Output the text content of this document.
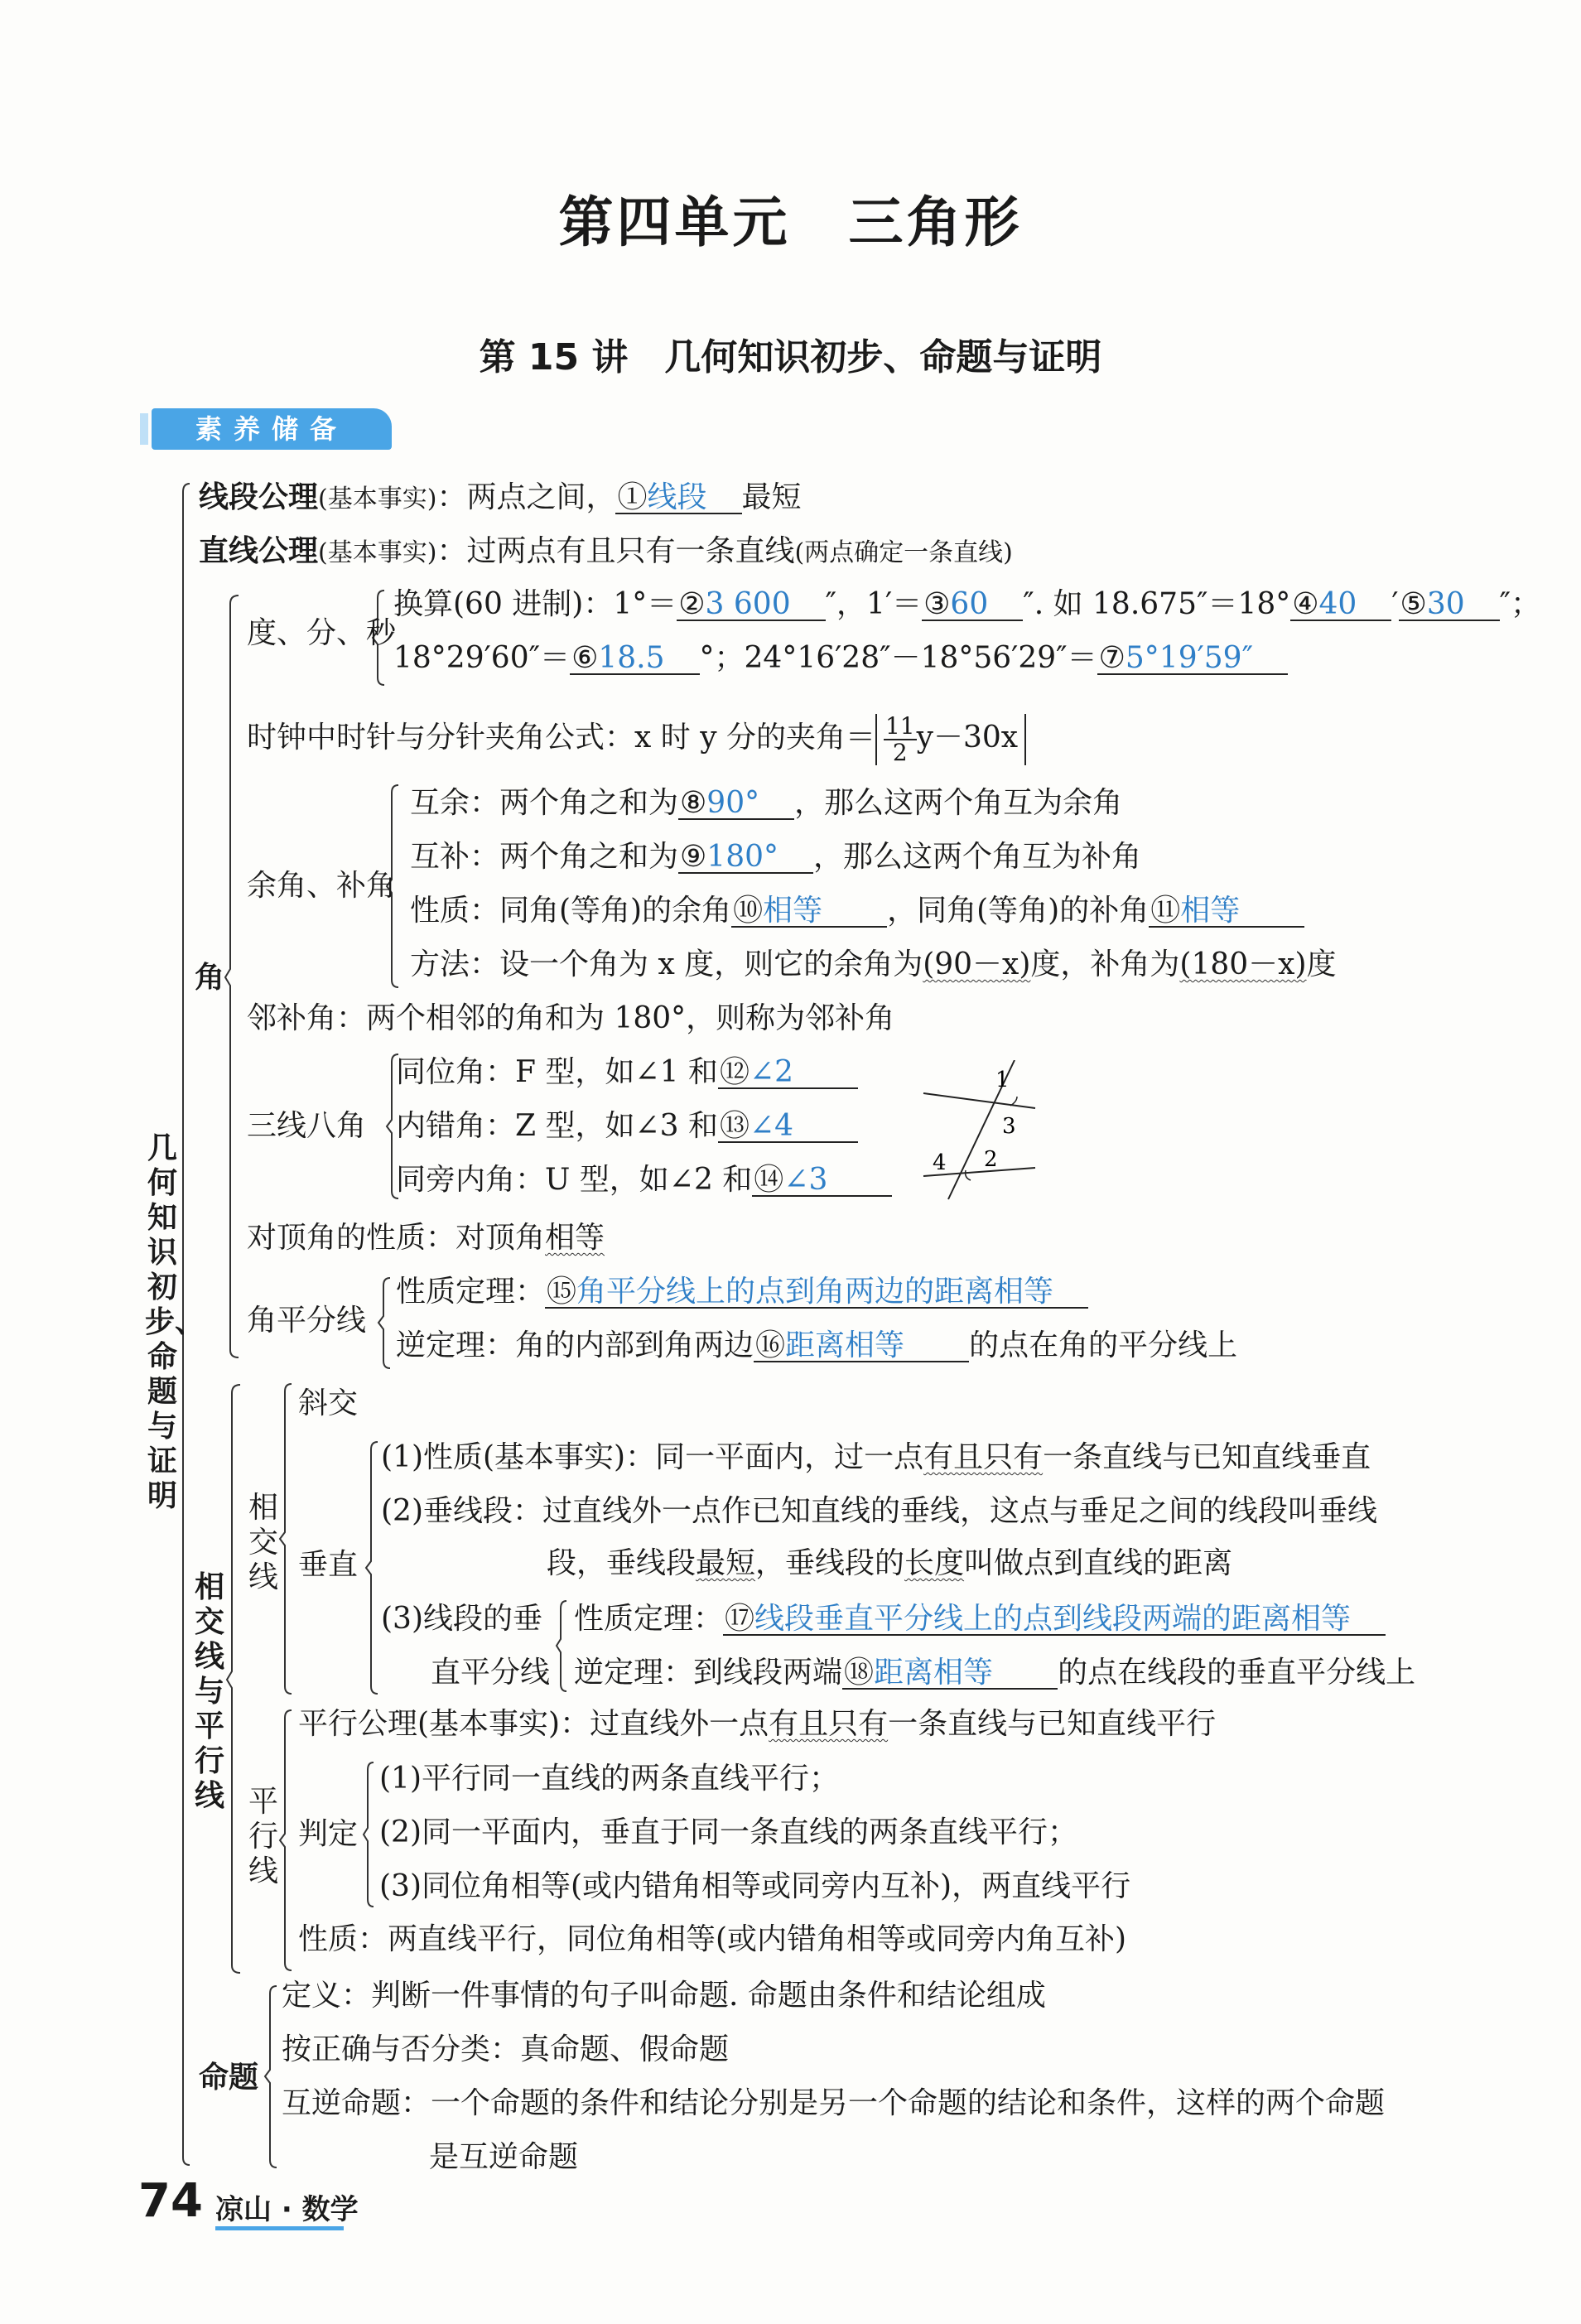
第四单元　三角形
第 15 讲　几何知识初步、命题与证明
素养储备
几何知识初步、命题与证明
线段公理(基本事实)：两点之间，①线段　 最短
直线公理(基本事实)：过两点有且只有一条直线(两点确定一条直线)
角
度、分、秒
换算(60 进制)：1°＝②3 600　 ″，1′＝③60　 ″. 如 18.675″＝18°④40　 ′⑤30　 ″；
18°29′60″＝⑥18.5　 °；24°16′28″－18°56′29″＝⑦5°19′59″　
时钟中时针与分针夹角公式：x 时 y 分的夹角＝ $\frac{11}{2} y-30x$
余角、补角
互余：两个角之和为⑧90°　 ，那么这两个角互为余角
互补：两个角之和为⑨180°　 ，那么这两个角互为补角
性质：同角(等角)的余角⑩相等　　 ，同角(等角)的补角⑪相等　　
方法：设一个角为 x 度，则它的余角为(90－x)度，补角为(180－x)度
邻补角：两个相邻的角和为 180°，则称为邻补角
三线八角
同位角：F 型，如∠1 和⑫∠2　　
内错角：Z 型，如∠3 和⑬∠4　　
同旁内角：U 型，如∠2 和⑭∠3　　
1
3
4 2
对顶角的性质：对顶角相等
角平分线
性质定理：⑮角平分线上的点到角两边的距离相等　
逆定理：角的内部到角两边⑯距离相等　　 的点在角的平分线上
相交线与平行线
相交线
斜交
垂直
(1)性质(基本事实)：同一平面内，过一点有且只有一条直线与已知直线垂直
(2)垂线段：过直线外一点作已知直线的垂线，这点与垂足之间的线段叫垂线
段，垂线段最短，垂线段的长度叫做点到直线的距离
(3)线段的垂
直平分线
性质定理：⑰线段垂直平分线上的点到线段两端的距离相等　
逆定理：到线段两端⑱距离相等　　 的点在线段的垂直平分线上
平行线
平行公理(基本事实)：过直线外一点有且只有一条直线与已知直线平行
判定
(1)平行同一直线的两条直线平行；
(2)同一平面内，垂直于同一条直线的两条直线平行；
(3)同位角相等(或内错角相等或同旁内互补)，两直线平行
性质：两直线平行，同位角相等(或内错角相等或同旁内角互补)
命题
定义：判断一件事情的句子叫命题. 命题由条件和结论组成
按正确与否分类：真命题、假命题
互逆命题：一个命题的条件和结论分别是另一个命题的结论和条件，这样的两个命题
是互逆命题
74 凉山 · 数学
